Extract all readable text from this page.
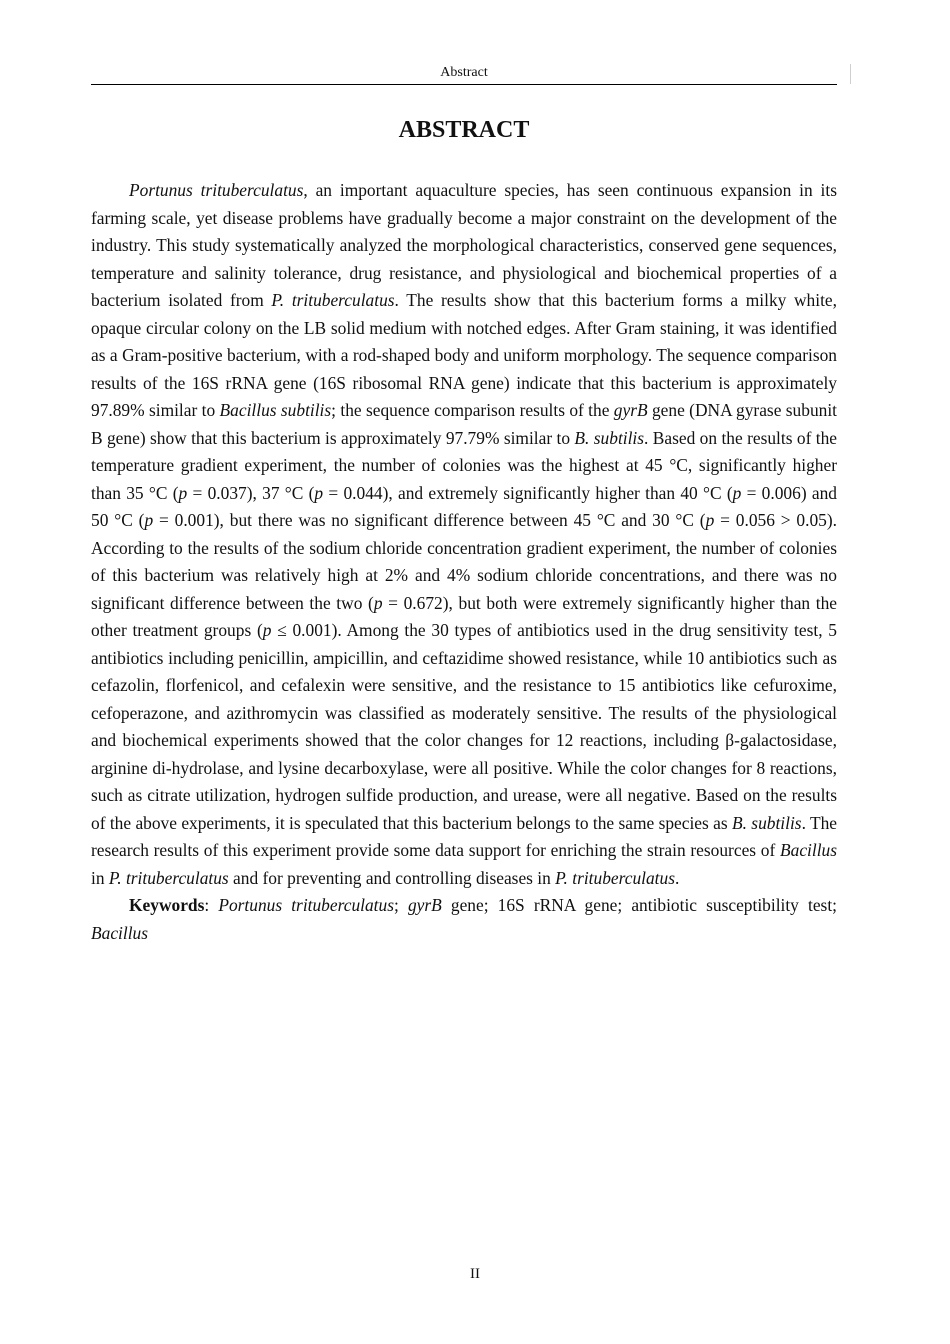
Abstract
ABSTRACT

Portunus trituberculatus, an important aquaculture species, has seen continuous expansion in its farming scale, yet disease problems have gradually become a major constraint on the development of the industry. This study systematically analyzed the morphological characteristics, conserved gene sequences, temperature and salinity tolerance, drug resistance, and physiological and biochemical properties of a bacterium isolated from P. trituberculatus. The results show that this bacterium forms a milky white, opaque circular colony on the LB solid medium with notched edges. After Gram staining, it was identified as a Gram-positive bacterium, with a rod-shaped body and uniform morphology. The sequence comparison results of the 16S rRNA gene (16S ribosomal RNA gene) indicate that this bacterium is approximately 97.89% similar to Bacillus subtilis; the sequence comparison results of the gyrB gene (DNA gyrase subunit B gene) show that this bacterium is approximately 97.79% similar to B. subtilis. Based on the results of the temperature gradient experiment, the number of colonies was the highest at 45 °C, significantly higher than 35 °C (p = 0.037), 37 °C (p = 0.044), and extremely significantly higher than 40 °C (p = 0.006) and 50 °C (p = 0.001), but there was no significant difference between 45 °C and 30 °C (p = 0.056 > 0.05). According to the results of the sodium chloride concentration gradient experiment, the number of colonies of this bacterium was relatively high at 2% and 4% sodium chloride concentrations, and there was no significant difference between the two (p = 0.672), but both were extremely significantly higher than the other treatment groups (p ≤ 0.001). Among the 30 types of antibiotics used in the drug sensitivity test, 5 antibiotics including penicillin, ampicillin, and ceftazidime showed resistance, while 10 antibiotics such as cefazolin, florfenicol, and cefalexin were sensitive, and the resistance to 15 antibiotics like cefuroxime, cefoperazone, and azithromycin was classified as moderately sensitive. The results of the physiological and biochemical experiments showed that the color changes for 12 reactions, including β-galactosidase, arginine di-hydrolase, and lysine decarboxylase, were all positive. While the color changes for 8 reactions, such as citrate utilization, hydrogen sulfide production, and urease, were all negative. Based on the results of the above experiments, it is speculated that this bacterium belongs to the same species as B. subtilis. The research results of this experiment provide some data support for enriching the strain resources of Bacillus in P. trituberculatus and for preventing and controlling diseases in P. trituberculatus.

Keywords: Portunus trituberculatus; gyrB gene; 16S rRNA gene; antibiotic susceptibility test; Bacillus

II
